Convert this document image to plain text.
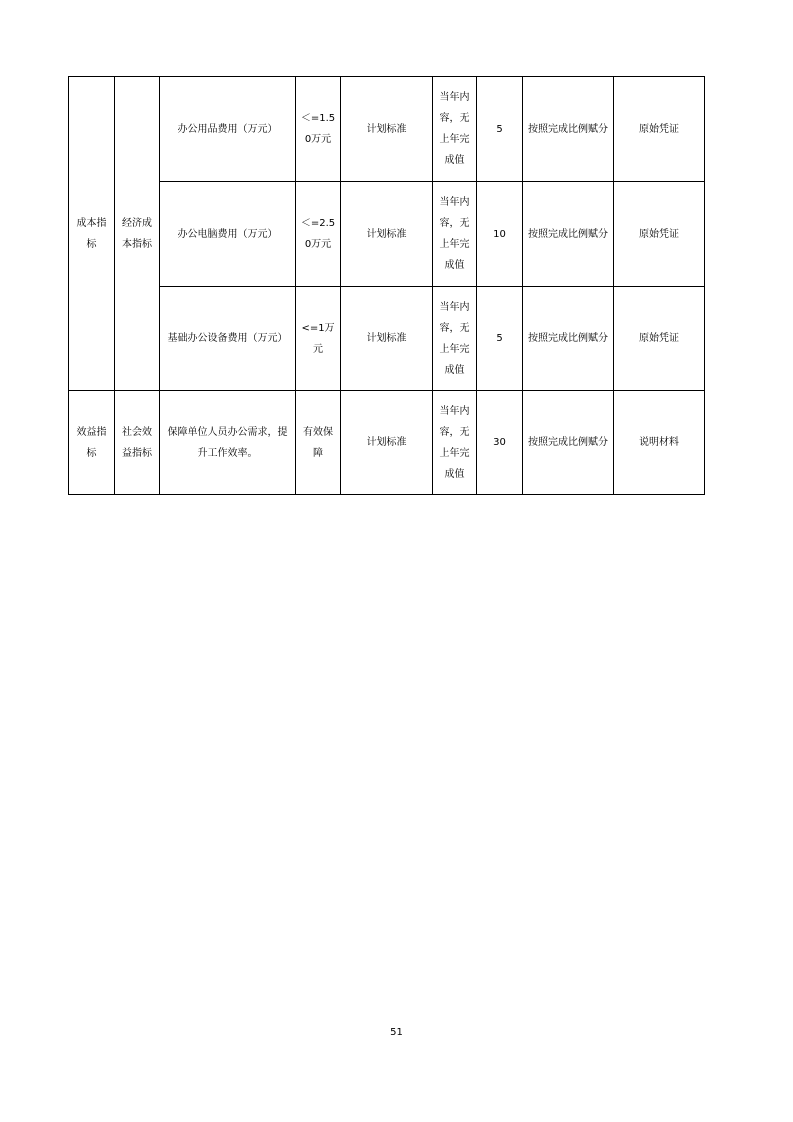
成本指标	经济成本指标	办公用品费用（万元）	＜=1.50万元	计划标准	当年内容，无上年完成值	5	按照完成比例赋分	原始凭证
		办公电脑费用（万元）	＜=2.50万元	计划标准	当年内容，无上年完成值	10	按照完成比例赋分	原始凭证
		基础办公设备费用（万元）	<=1万元	计划标准	当年内容，无上年完成值	5	按照完成比例赋分	原始凭证
效益指标	社会效益指标	保障单位人员办公需求，提升工作效率。	有效保障	计划标准	当年内容，无上年完成值	30	按照完成比例赋分	说明材料
51
